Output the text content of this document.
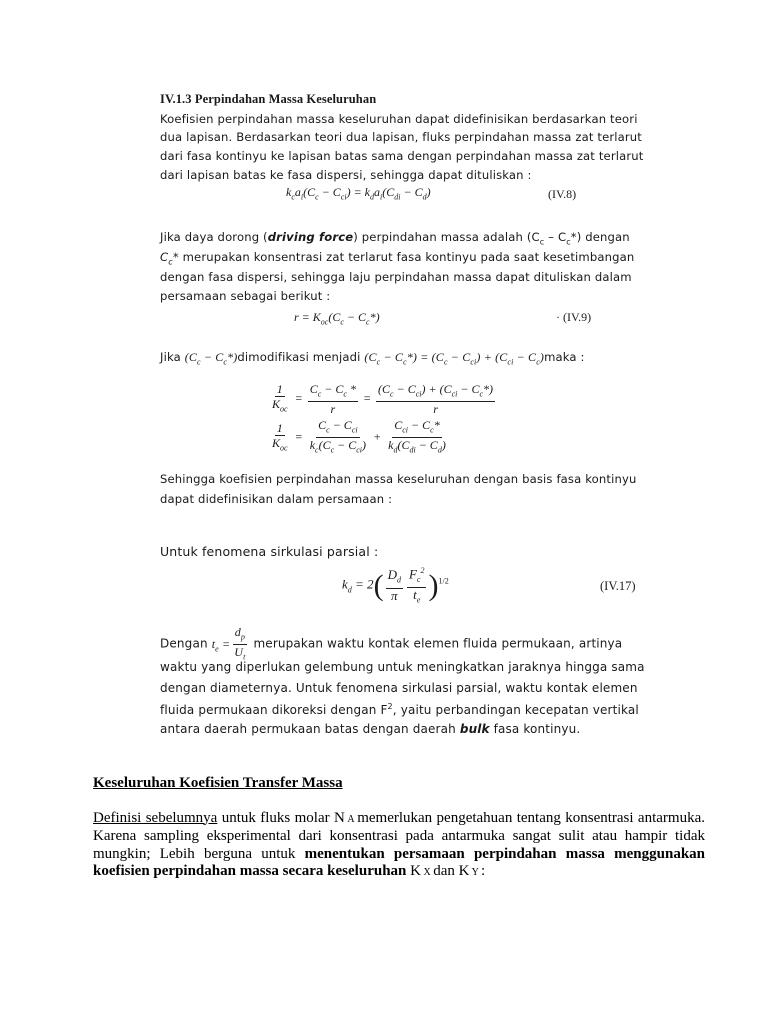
IV.1.3 Perpindahan Massa Keseluruhan
Koefisien perpindahan massa keseluruhan dapat didefinisikan berdasarkan teori
dua lapisan. Berdasarkan teori dua lapisan, fluks perpindahan massa zat terlarut
dari fasa kontinyu ke lapisan batas sama dengan perpindahan massa zat terlarut
dari lapisan batas ke fasa dispersi, sehingga dapat dituliskan :
$k_ca_i(C_c - C_{ci}) = k_da_i(C_{di} - C_d)$	(IV.8)
Jika daya dorong (driving force) perpindahan massa adalah $(C_c - C_c*)$ dengan
$C_c*$ merupakan konsentrasi zat terlarut fasa kontinyu pada saat kesetimbangan
dengan fasa dispersi, sehingga laju perpindahan massa dapat dituliskan dalam
persamaan sebagai berikut :
$r = K_{oc}(C_c - C_c*)$	· (IV.9)
Jika ($C_c$ − $C_c*)dimodifikasi$ menjadi $(C_c - C_c*) = (C_c - C_{ci}) + (C_{ci}$ − $C_c)maka$ :
$\frac{1}{K_{oc}} = \frac{C_c - C_c *}{r} = \frac{(C_c - C_{ci}) + (C_{ci} - C_c*)}{r}$
$\frac{1}{K_{oc}} = \frac{C_c - C_{ci}}{k_c(C_c - C_{ci})} + \frac{C_{ci} - C_c*}{k_d(C_{di} - C_d)}$
Sehingga koefisien perpindahan massa keseluruhan dengan basis fasa kontinyu
dapat didefinisikan dalam persamaan :
Untuk fenomena sirkulasi parsial :
$k_d = 2( \frac{D_d}{\pi} \frac{F_c^2}{t_e} )^{1/2}$	(IV.17)
Dengan $t_e = \frac{d_p}{U_t}$ merupakan waktu kontak elemen fluida permukaan, artinya
waktu yang diperlukan gelembung untuk meningkatkan jaraknya hingga sama
dengan diameternya. Untuk fenomena sirkulasi parsial, waktu kontak elemen
fluida permukaan dikoreksi dengan $F^2$, yaitu perbandingan kecepatan vertikal
antara daerah permukaan batas dengan daerah bulk fasa kontinyu.
Keseluruhan Koefisien Transfer Massa
Definisi sebelumnya untuk fluks molar N A memerlukan pengetahuan tentang konsentrasi antarmuka. Karena sampling eksperimental dari konsentrasi pada antarmuka sangat sulit atau hampir tidak mungkin; Lebih berguna untuk menentukan persamaan perpindahan massa menggunakan koefisien perpindahan massa secara keseluruhan K X dan K Y :
